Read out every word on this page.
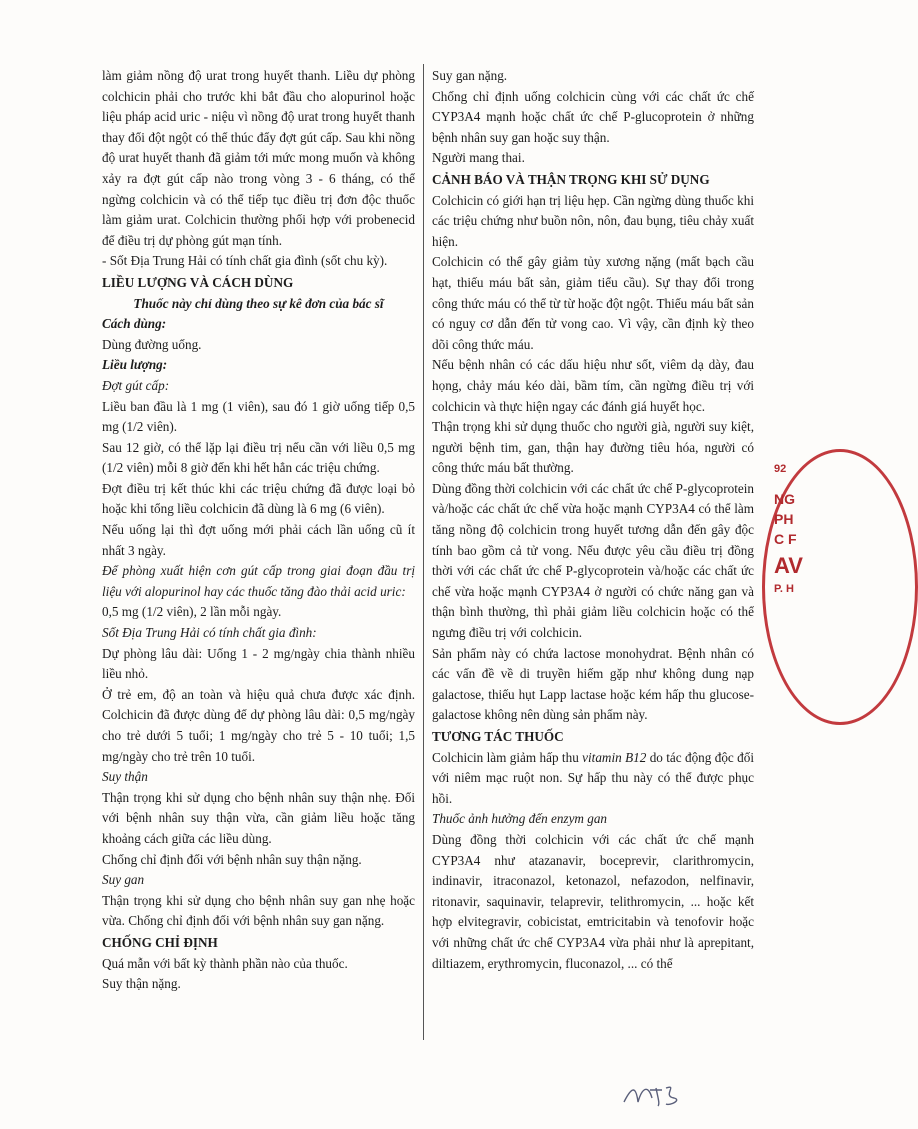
làm giảm nồng độ urat trong huyết thanh. Liều dự phòng colchicin phải cho trước khi bắt đầu cho alopurinol hoặc liệu pháp acid uric - niệu vì nồng độ urat trong huyết thanh thay đổi đột ngột có thể thúc đẩy đợt gút cấp. Sau khi nồng độ urat huyết thanh đã giảm tới mức mong muốn và không xảy ra đợt gút cấp nào trong vòng 3 - 6 tháng, có thể ngừng colchicin và có thể tiếp tục điều trị đơn độc thuốc làm giảm urat. Colchicin thường phối hợp với probenecid để điều trị dự phòng gút mạn tính.

- Sốt Địa Trung Hải có tính chất gia đình (sốt chu kỳ).

LIỀU LƯỢNG VÀ CÁCH DÙNG

Thuốc này chỉ dùng theo sự kê đơn của bác sĩ

Cách dùng:

Dùng đường uống.

Liều lượng:

Đợt gút cấp:

Liều ban đầu là 1 mg (1 viên), sau đó 1 giờ uống tiếp 0,5 mg (1/2 viên).

Sau 12 giờ, có thể lặp lại điều trị nếu cần với liều 0,5 mg (1/2 viên) mỗi 8 giờ đến khi hết hẳn các triệu chứng.

Đợt điều trị kết thúc khi các triệu chứng đã được loại bỏ hoặc khi tổng liều colchicin đã dùng là 6 mg (6 viên).

Nếu uống lại thì đợt uống mới phải cách lần uống cũ ít nhất 3 ngày.

Để phòng xuất hiện cơn gút cấp trong giai đoạn đầu trị liệu với alopurinol hay các thuốc tăng đào thải acid uric:

0,5 mg (1/2 viên), 2 lần mỗi ngày.

Sốt Địa Trung Hải có tính chất gia đình:

Dự phòng lâu dài: Uống 1 - 2 mg/ngày chia thành nhiều liều nhỏ.

Ở trẻ em, độ an toàn và hiệu quả chưa được xác định. Colchicin đã được dùng để dự phòng lâu dài: 0,5 mg/ngày cho trẻ dưới 5 tuổi; 1 mg/ngày cho trẻ 5 - 10 tuổi; 1,5 mg/ngày cho trẻ trên 10 tuổi.

Suy thận

Thận trọng khi sử dụng cho bệnh nhân suy thận nhẹ. Đối với bệnh nhân suy thận vừa, cần giảm liều hoặc tăng khoảng cách giữa các liều dùng.

Chống chỉ định đối với bệnh nhân suy thận nặng.

Suy gan

Thận trọng khi sử dụng cho bệnh nhân suy gan nhẹ hoặc vừa. Chống chỉ định đối với bệnh nhân suy gan nặng.

CHỐNG CHỈ ĐỊNH

Quá mẫn với bất kỳ thành phần nào của thuốc.

Suy thận nặng.

Suy gan nặng.

Chống chỉ định uống colchicin cùng với các chất ức chế CYP3A4 mạnh hoặc chất ức chế P-glucoprotein ở những bệnh nhân suy gan hoặc suy thận.

Người mang thai.

CẢNH BÁO VÀ THẬN TRỌNG KHI SỬ DỤNG

Colchicin có giới hạn trị liệu hẹp. Cần ngừng dùng thuốc khi các triệu chứng như buồn nôn, nôn, đau bụng, tiêu chảy xuất hiện.

Colchicin có thể gây giảm tủy xương nặng (mất bạch cầu hạt, thiếu máu bất sản, giảm tiểu cầu). Sự thay đổi trong công thức máu có thể từ từ hoặc đột ngột. Thiếu máu bất sản có nguy cơ dẫn đến tử vong cao. Vì vậy, cần định kỳ theo dõi công thức máu.

Nếu bệnh nhân có các dấu hiệu như sốt, viêm dạ dày, đau họng, chảy máu kéo dài, bầm tím, cần ngừng điều trị với colchicin và thực hiện ngay các đánh giá huyết học.

Thận trọng khi sử dụng thuốc cho người già, người suy kiệt, người bệnh tim, gan, thận hay đường tiêu hóa, người có công thức máu bất thường.

Dùng đồng thời colchicin với các chất ức chế P-glycoprotein và/hoặc các chất ức chế vừa hoặc mạnh CYP3A4 có thể làm tăng nồng độ colchicin trong huyết tương dẫn đến gây độc tính bao gồm cả tử vong. Nếu được yêu cầu điều trị đồng thời với các chất ức chế P-glycoprotein và/hoặc các chất ức chế vừa hoặc mạnh CYP3A4 ở người có chức năng gan và thận bình thường, thì phải giảm liều colchicin hoặc có thể ngưng điều trị với colchicin.

Sản phẩm này có chứa lactose monohydrat. Bệnh nhân có các vấn đề về di truyền hiếm gặp như không dung nạp galactose, thiếu hụt Lapp lactase hoặc kém hấp thu glucose-galactose không nên dùng sản phẩm này.

TƯƠNG TÁC THUỐC

Colchicin làm giảm hấp thu vitamin B12 do tác động độc đối với niêm mạc ruột non. Sự hấp thu này có thể được phục hồi.

Thuốc ảnh hưởng đến enzym gan

Dùng đồng thời colchicin với các chất ức chế mạnh CYP3A4 như atazanavir, boceprevir, clarithromycin, indinavir, itraconazol, ketonazol, nefazodon, nelfinavir, ritonavir, saquinavir, telaprevir, telithromycin, ... hoặc kết hợp elvitegravir, cobicistat, emtricitabin và tenofovir hoặc với những chất ức chế CYP3A4 vừa phải như là aprepitant, diltiazem, erythromycin, fluconazol, ... có thể

92
NG
PH
C F
AV
P. H
